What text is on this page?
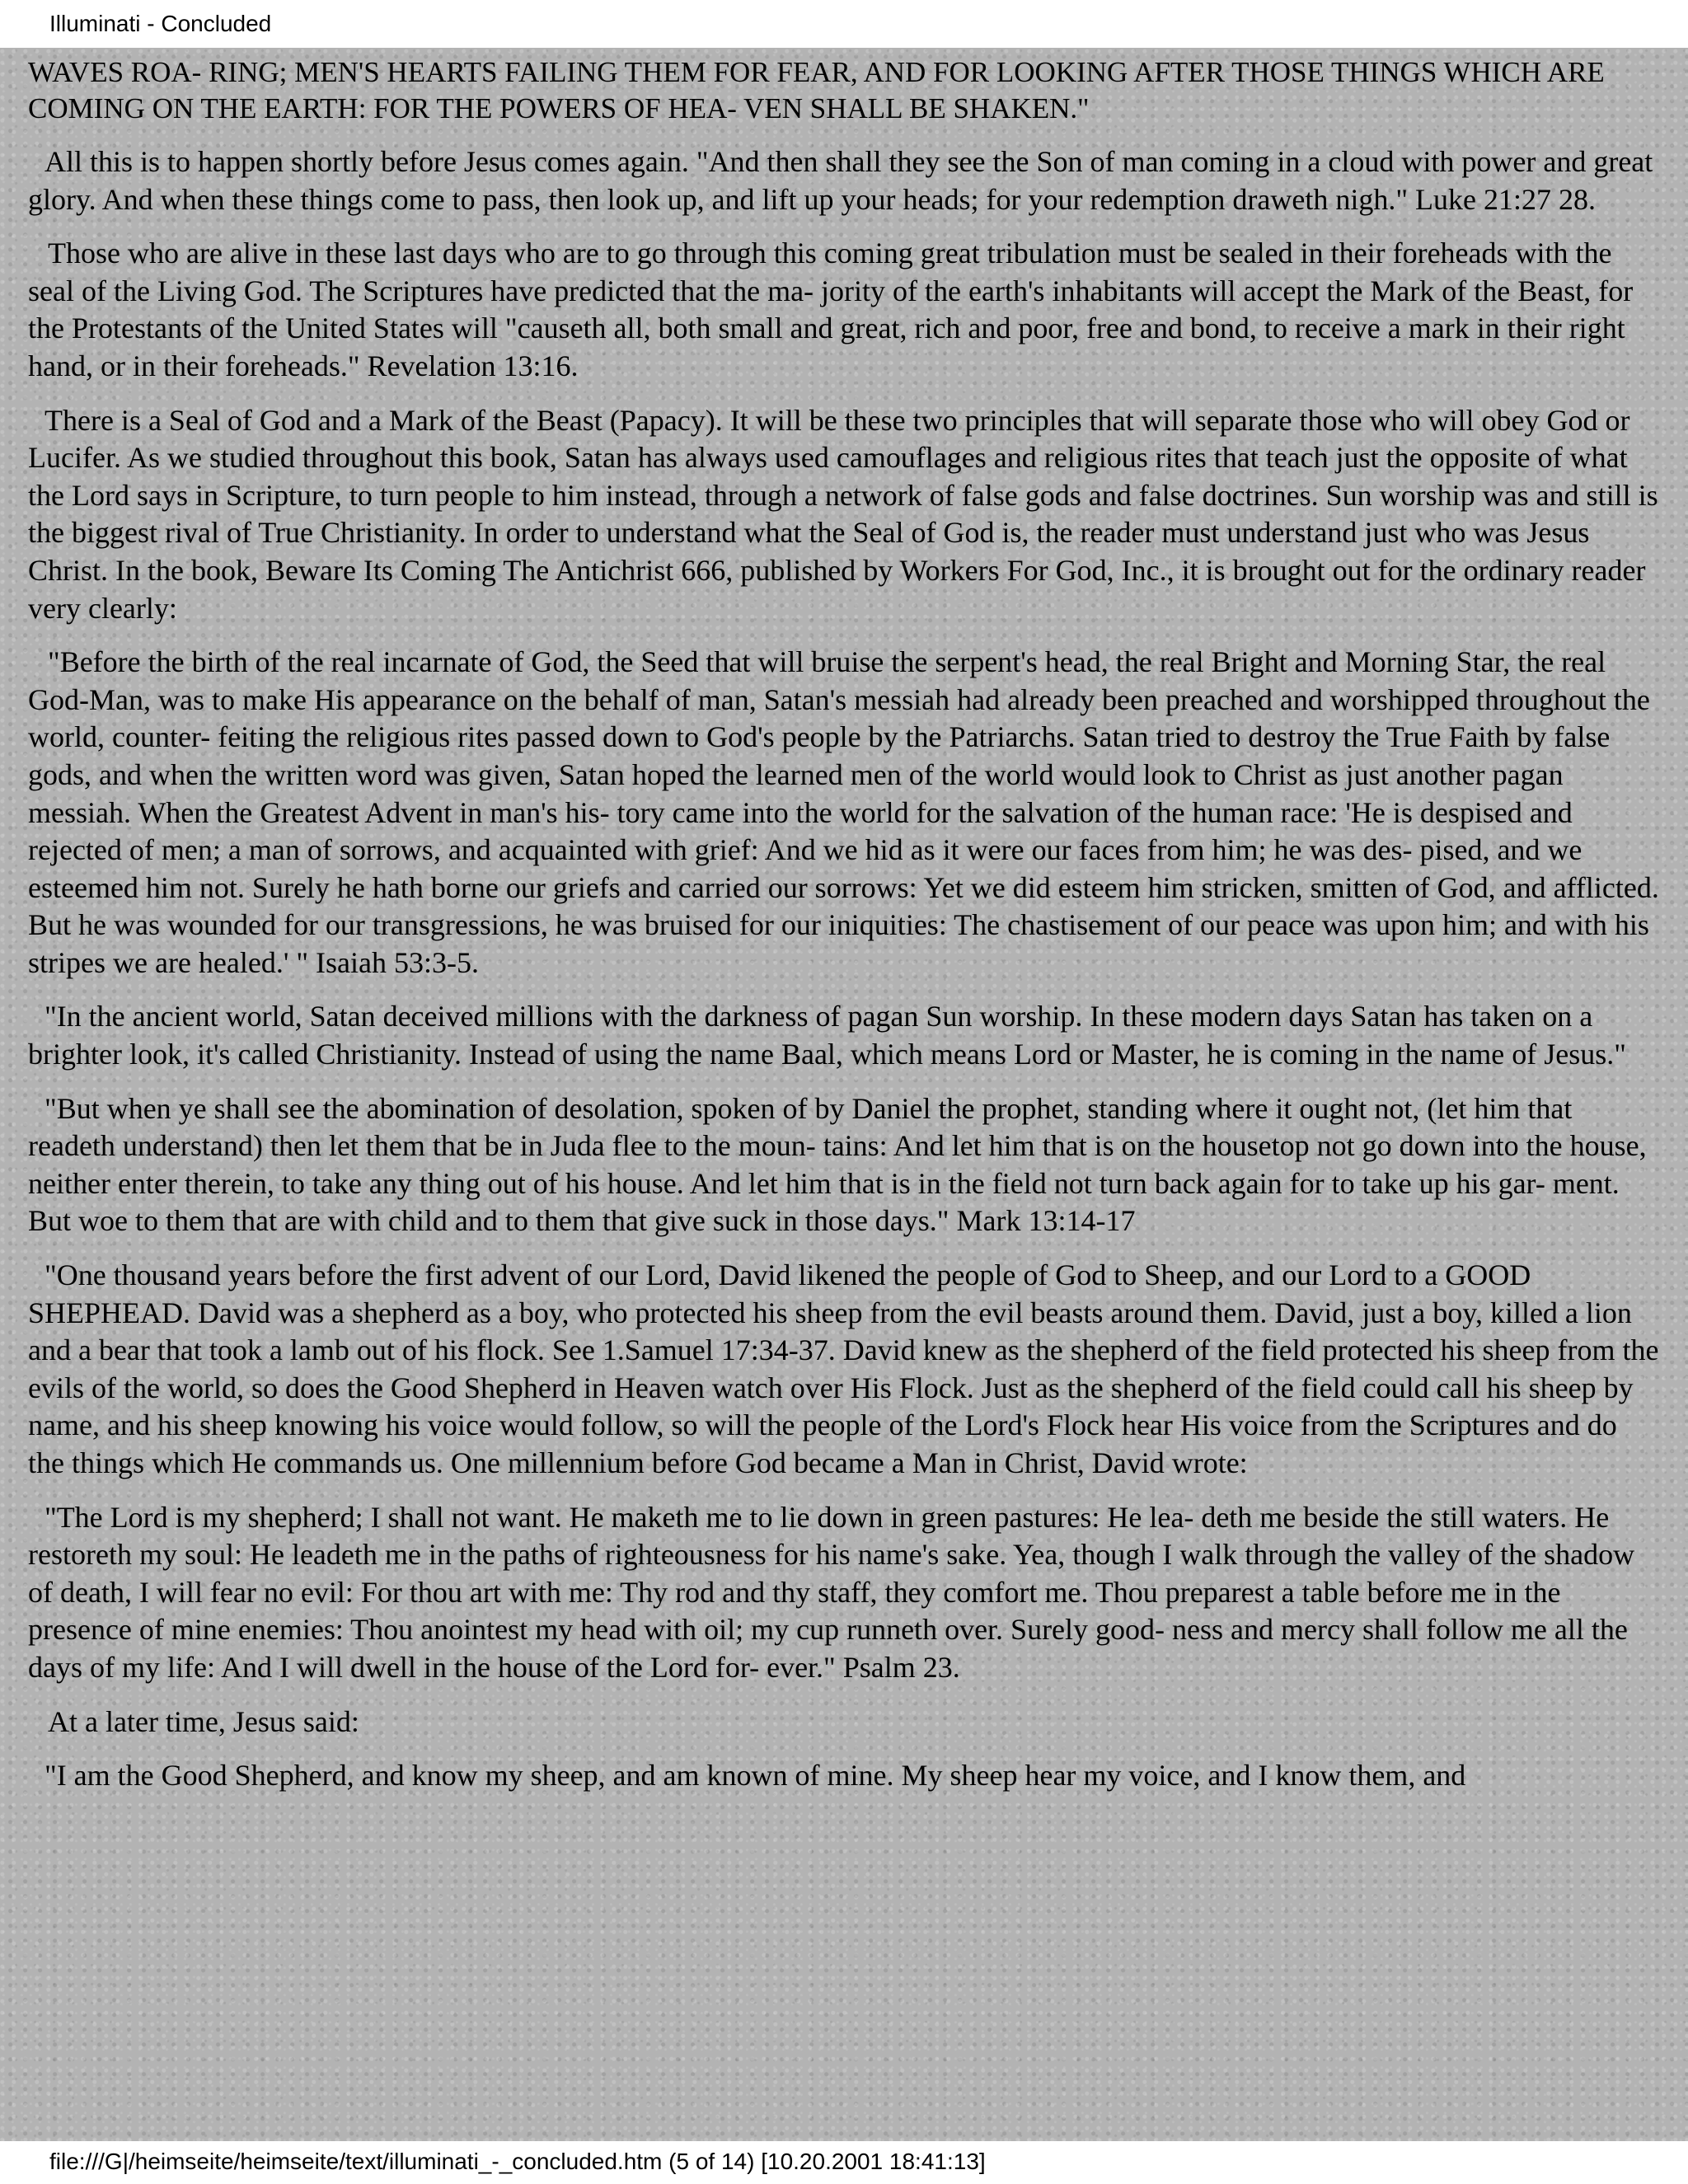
Illuminati - Concluded

WAVES ROA- RING; MEN'S HEARTS FAILING THEM FOR FEAR, AND FOR LOOKING AFTER THOSE THINGS WHICH ARE COMING ON THE EARTH: FOR THE POWERS OF HEA- VEN SHALL BE SHAKEN."

All this is to happen shortly before Jesus comes again. "And then shall they see the Son of man coming in a cloud with power and great glory. And when these things come to pass, then look up, and lift up your heads; for your redemption draweth nigh." Luke 21:27 28.

Those who are alive in these last days who are to go through this coming great tribulation must be sealed in their foreheads with the seal of the Living God. The Scriptures have predicted that the ma- jority of the earth's inhabitants will accept the Mark of the Beast, for the Protestants of the United States will "causeth all, both small and great, rich and poor, free and bond, to receive a mark in their right hand, or in their foreheads." Revelation 13:16.

There is a Seal of God and a Mark of the Beast (Papacy). It will be these two principles that will separate those who will obey God or Lucifer. As we studied throughout this book, Satan has always used camouflages and religious rites that teach just the opposite of what the Lord says in Scripture, to turn people to him instead, through a network of false gods and false doctrines. Sun worship was and still is the biggest rival of True Christianity. In order to understand what the Seal of God is, the reader must understand just who was Jesus Christ. In the book, Beware Its Coming The Antichrist 666, published by Workers For God, Inc., it is brought out for the ordinary reader very clearly:

"Before the birth of the real incarnate of God, the Seed that will bruise the serpent's head, the real Bright and Morning Star, the real God-Man, was to make His appearance on the behalf of man, Satan's messiah had already been preached and worshipped throughout the world, counter- feiting the religious rites passed down to God's people by the Patriarchs. Satan tried to destroy the True Faith by false gods, and when the written word was given, Satan hoped the learned men of the world would look to Christ as just another pagan messiah. When the Greatest Advent in man's his- tory came into the world for the salvation of the human race: 'He is despised and rejected of men; a man of sorrows, and acquainted with grief: And we hid as it were our faces from him; he was des- pised, and we esteemed him not. Surely he hath borne our griefs and carried our sorrows: Yet we did esteem him stricken, smitten of God, and afflicted. But he was wounded for our transgressions, he was bruised for our iniquities: The chastisement of our peace was upon him; and with his stripes we are healed.' " Isaiah 53:3-5.

"In the ancient world, Satan deceived millions with the darkness of pagan Sun worship. In these modern days Satan has taken on a brighter look, it's called Christianity. Instead of using the name Baal, which means Lord or Master, he is coming in the name of Jesus."

"But when ye shall see the abomination of desolation, spoken of by Daniel the prophet, standing where it ought not, (let him that readeth understand) then let them that be in Juda flee to the moun- tains: And let him that is on the housetop not go down into the house, neither enter therein, to take any thing out of his house. And let him that is in the field not turn back again for to take up his gar- ment. But woe to them that are with child and to them that give suck in those days." Mark 13:14-17

"One thousand years before the first advent of our Lord, David likened the people of God to Sheep, and our Lord to a GOOD SHEPHEAD. David was a shepherd as a boy, who protected his sheep from the evil beasts around them. David, just a boy, killed a lion and a bear that took a lamb out of his flock. See 1.Samuel 17:34-37. David knew as the shepherd of the field protected his sheep from the evils of the world, so does the Good Shepherd in Heaven watch over His Flock. Just as the shepherd of the field could call his sheep by name, and his sheep knowing his voice would follow, so will the people of the Lord's Flock hear His voice from the Scriptures and do the things which He commands us. One millennium before God became a Man in Christ, David wrote:

"The Lord is my shepherd; I shall not want. He maketh me to lie down in green pastures: He lea- deth me beside the still waters. He restoreth my soul: He leadeth me in the paths of righteousness for his name's sake. Yea, though I walk through the valley of the shadow of death, I will fear no evil: For thou art with me: Thy rod and thy staff, they comfort me. Thou preparest a table before me in the presence of mine enemies: Thou anointest my head with oil; my cup runneth over. Surely good- ness and mercy shall follow me all the days of my life: And I will dwell in the house of the Lord for- ever." Psalm 23.

At a later time, Jesus said:

"I am the Good Shepherd, and know my sheep, and am known of mine. My sheep hear my voice, and I know them, and

file:///G|/heimseite/heimseite/text/illuminati_-_concluded.htm (5 of 14) [10.20.2001 18:41:13]
